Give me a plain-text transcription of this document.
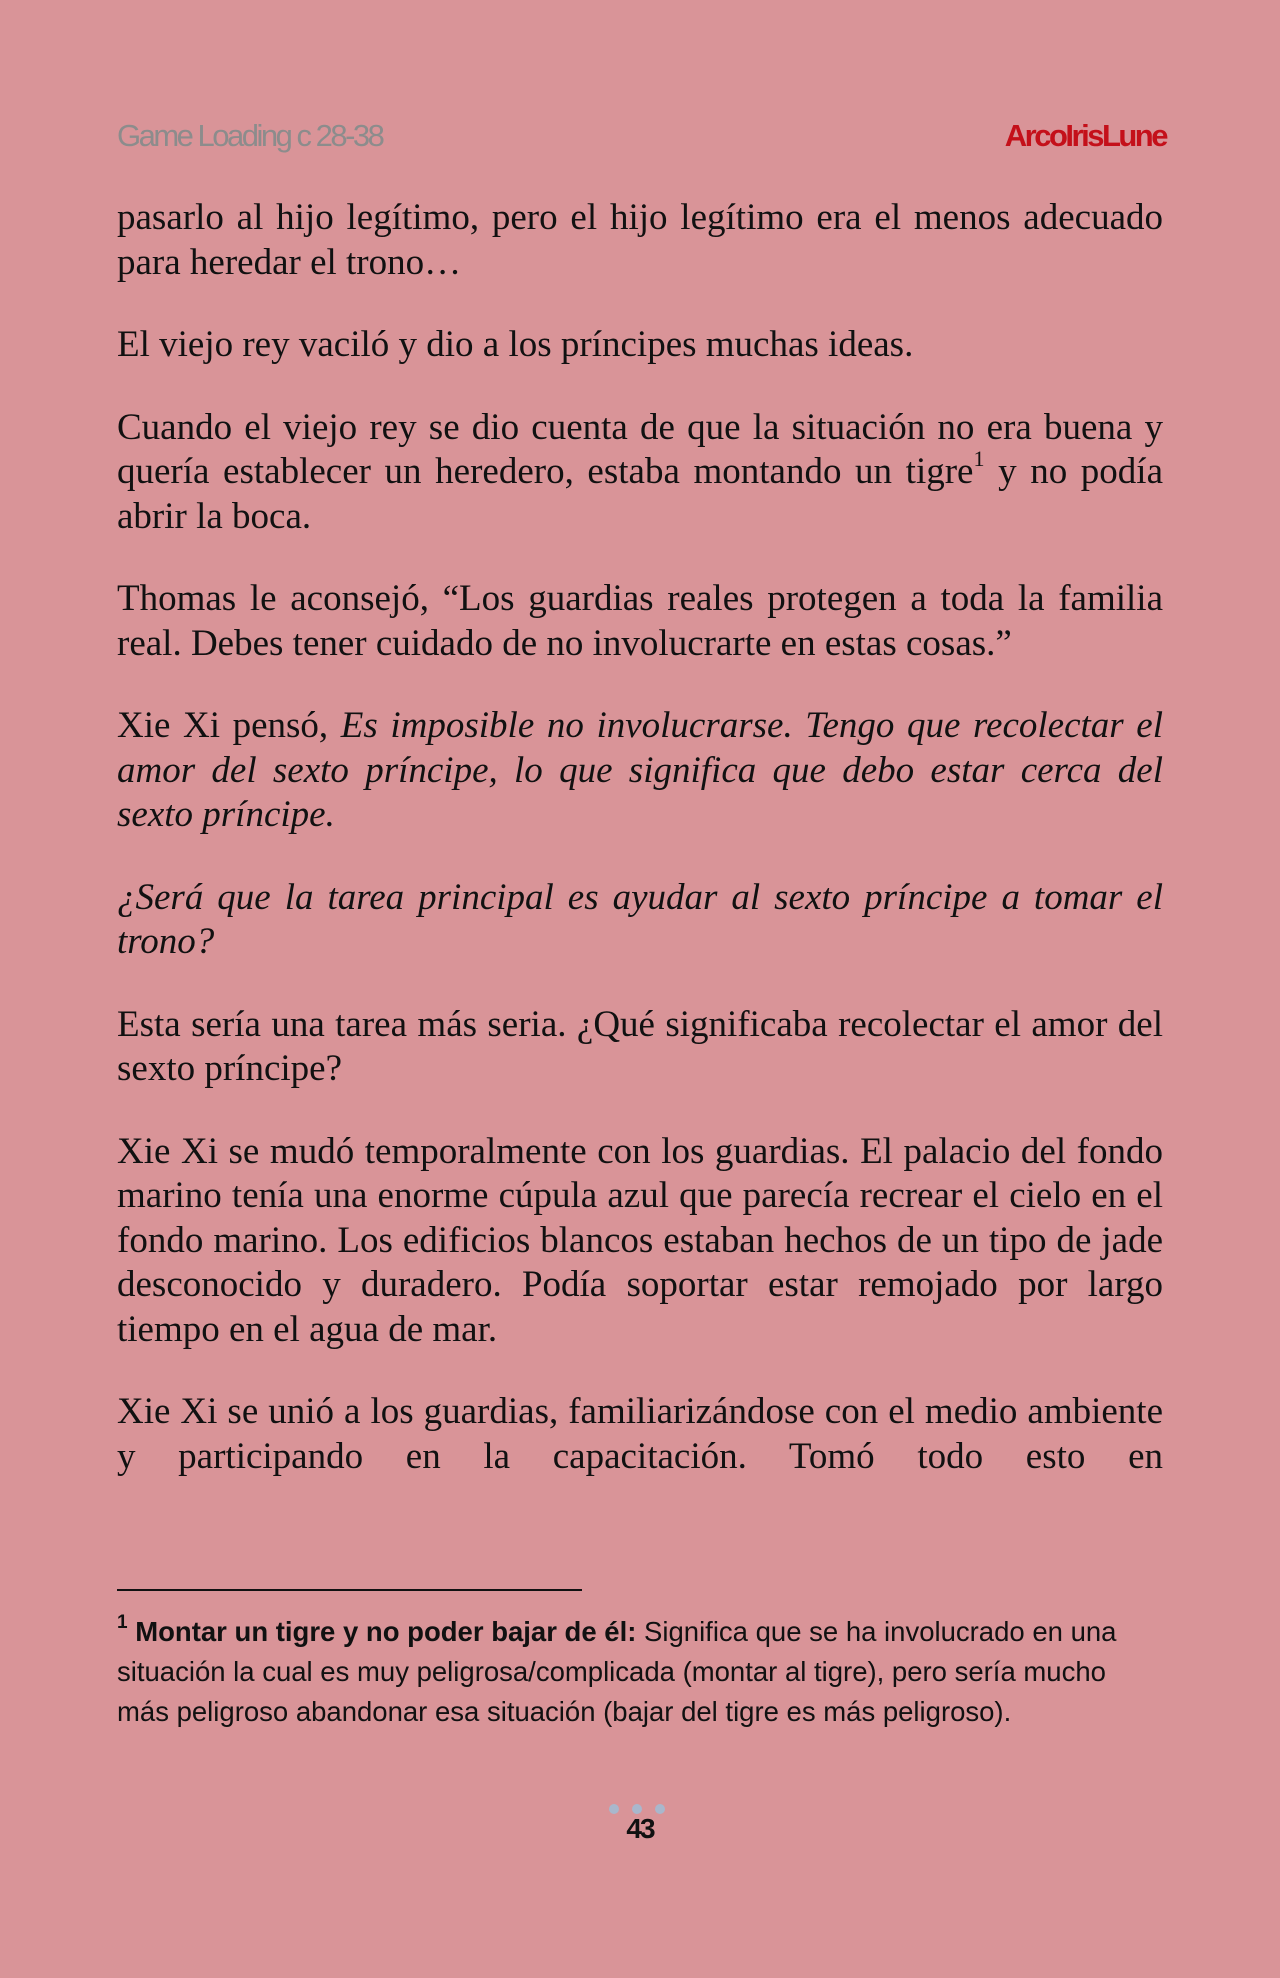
Game Loading c 28-38	ArcoIrisLune

pasarlo al hijo legítimo, pero el hijo legítimo era el menos adecuado para heredar el trono…

El viejo rey vaciló y dio a los príncipes muchas ideas.

Cuando el viejo rey se dio cuenta de que la situación no era buena y quería establecer un heredero, estaba montando un tigre$^1$ y no podía abrir la boca.

Thomas le aconsejó, “Los guardias reales protegen a toda la familia real. Debes tener cuidado de no involucrarte en estas cosas.”

Xie Xi pensó, Es imposible no involucrarse. Tengo que recolectar el amor del sexto príncipe, lo que significa que debo estar cerca del sexto príncipe.

¿Será que la tarea principal es ayudar al sexto príncipe a tomar el trono?

Esta sería una tarea más seria. ¿Qué significaba recolectar el amor del sexto príncipe?

Xie Xi se mudó temporalmente con los guardias. El palacio del fondo marino tenía una enorme cúpula azul que parecía recrear el cielo en el fondo marino. Los edificios blancos estaban hechos de un tipo de jade desconocido y duradero. Podía soportar estar remojado por largo tiempo en el agua de mar.

Xie Xi se unió a los guardias, familiarizándose con el medio ambiente y participando en la capacitación. Tomó todo esto en

$^1$ Montar un tigre y no poder bajar de él: Significa que se ha involucrado en una situación la cual es muy peligrosa/complicada (montar al tigre), pero sería mucho más peligroso abandonar esa situación (bajar del tigre es más peligroso).
43
